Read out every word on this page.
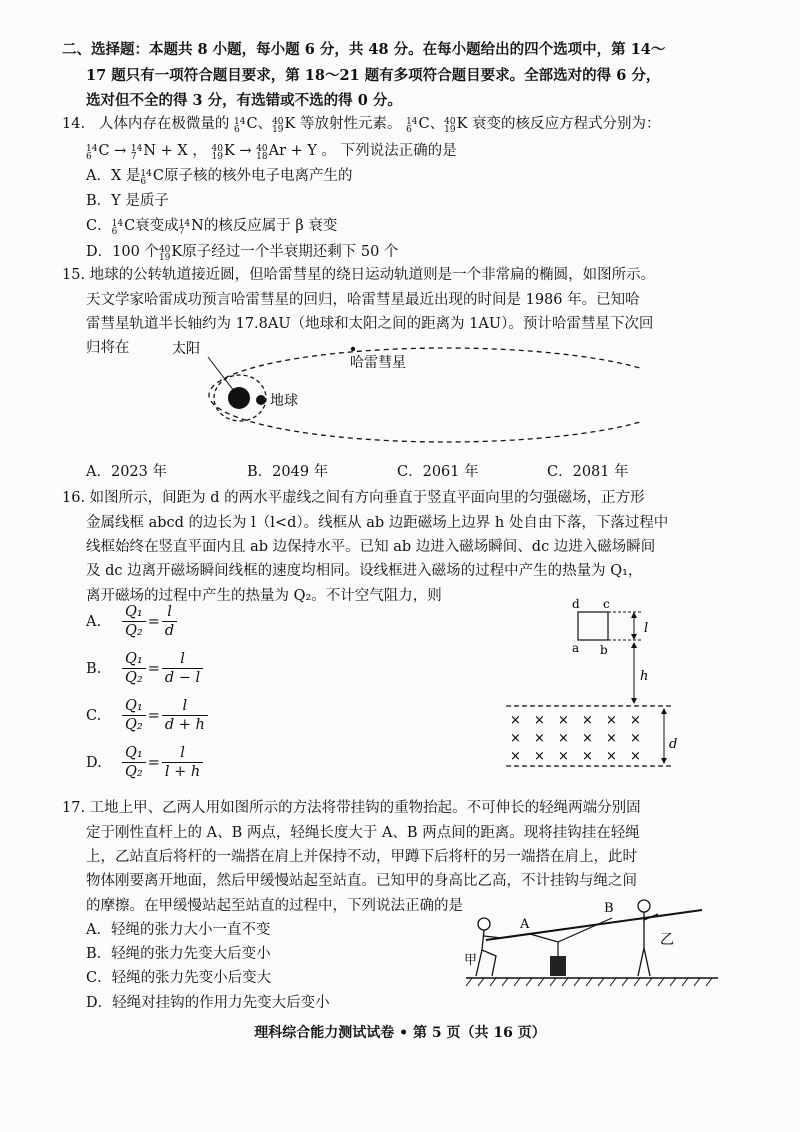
二、选择题：本题共 8 小题，每小题 6 分，共 48 分。在每小题给出的四个选项中，第 14～
17 题只有一项符合题目要求，第 18～21 题有多项符合题目要求。全部选对的得 6 分，
选对但不全的得 3 分，有选错或不选的得 0 分。
14. 人体内存在极微量的 14
6 C、 40
19 K 等放射性元素。 14
6 C、 40
19 K 衰变的核反应方程式分别为：
14
6 C → 14
7 N + X ， 40
19 K → 40
18 Ar + Y 。 下列说法正确的是
A．X 是 14
6 C原子核的核外电子电离产生的
B．Y 是质子
C． 14
6 C衰变成 14
7 N的核反应属于 β 衰变
D．100 个 40
19 K原子经过一个半衰期还剩下 50 个
15. 地球的公转轨道接近圆，但哈雷彗星的绕日运动轨道则是一个非常扁的椭圆，如图所示。
天文学家哈雷成功预言哈雷彗星的回归，哈雷彗星最近出现的时间是 1986 年。已知哈
雷彗星轨道半长轴约为 17.8AU（地球和太阳之间的距离为 1AU）。预计哈雷彗星下次回
归将在	太阳
哈雷彗星
地球
A．2023 年	B．2049 年	C．2061 年	C．2081 年
16. 如图所示，间距为 d 的两水平虚线之间有方向垂直于竖直平面向里的匀强磁场，正方形
金属线框 abcd 的边长为 l（l<d）。线框从 ab 边距磁场上边界 h 处自由下落，下落过程中
线框始终在竖直平面内且 ab 边保持水平。已知 ab 边进入磁场瞬间、dc 边进入磁场瞬间
及 dc 边离开磁场瞬间线框的速度均相同。设线框进入磁场的过程中产生的热量为 Q₁，
离开磁场的过程中产生的热量为 Q₂。不计空气阻力，则
A.	$\frac{\text{Q₁}}{\text{Q₂}} = \frac{l}{d}$
B.	$\frac{\text{Q₁}}{\text{Q₂}} = \frac{l}{d - l}$
C.	$\frac{\text{Q₁}}{\text{Q₂}} = \frac{l}{d + h}$
D.	$\frac{\text{Q₁}}{\text{Q₂}} = \frac{l}{l + h}$
d c
a b
l
h
d
× × × × × ×
× × × × × ×
× × × × × ×
17. 工地上甲、乙两人用如图所示的方法将带挂钩的重物抬起。不可伸长的轻绳两端分别固
定于刚性直杆上的 A、B 两点，轻绳长度大于 A、B 两点间的距离。现将挂钩挂在轻绳
上，乙站直后将杆的一端搭在肩上并保持不动，甲蹲下后将杆的另一端搭在肩上，此时
物体刚要离开地面，然后甲缓慢站起至站直。已知甲的身高比乙高，不计挂钩与绳之间
的摩擦。在甲缓慢站起至站直的过程中，下列说法正确的是
A．轻绳的张力大小一直不变
B．轻绳的张力先变大后变小
C．轻绳的张力先变小后变大
D．轻绳对挂钩的作用力先变大后变小
A
B
甲
乙
理科综合能力测试试卷 • 第 5 页（共 16 页）
